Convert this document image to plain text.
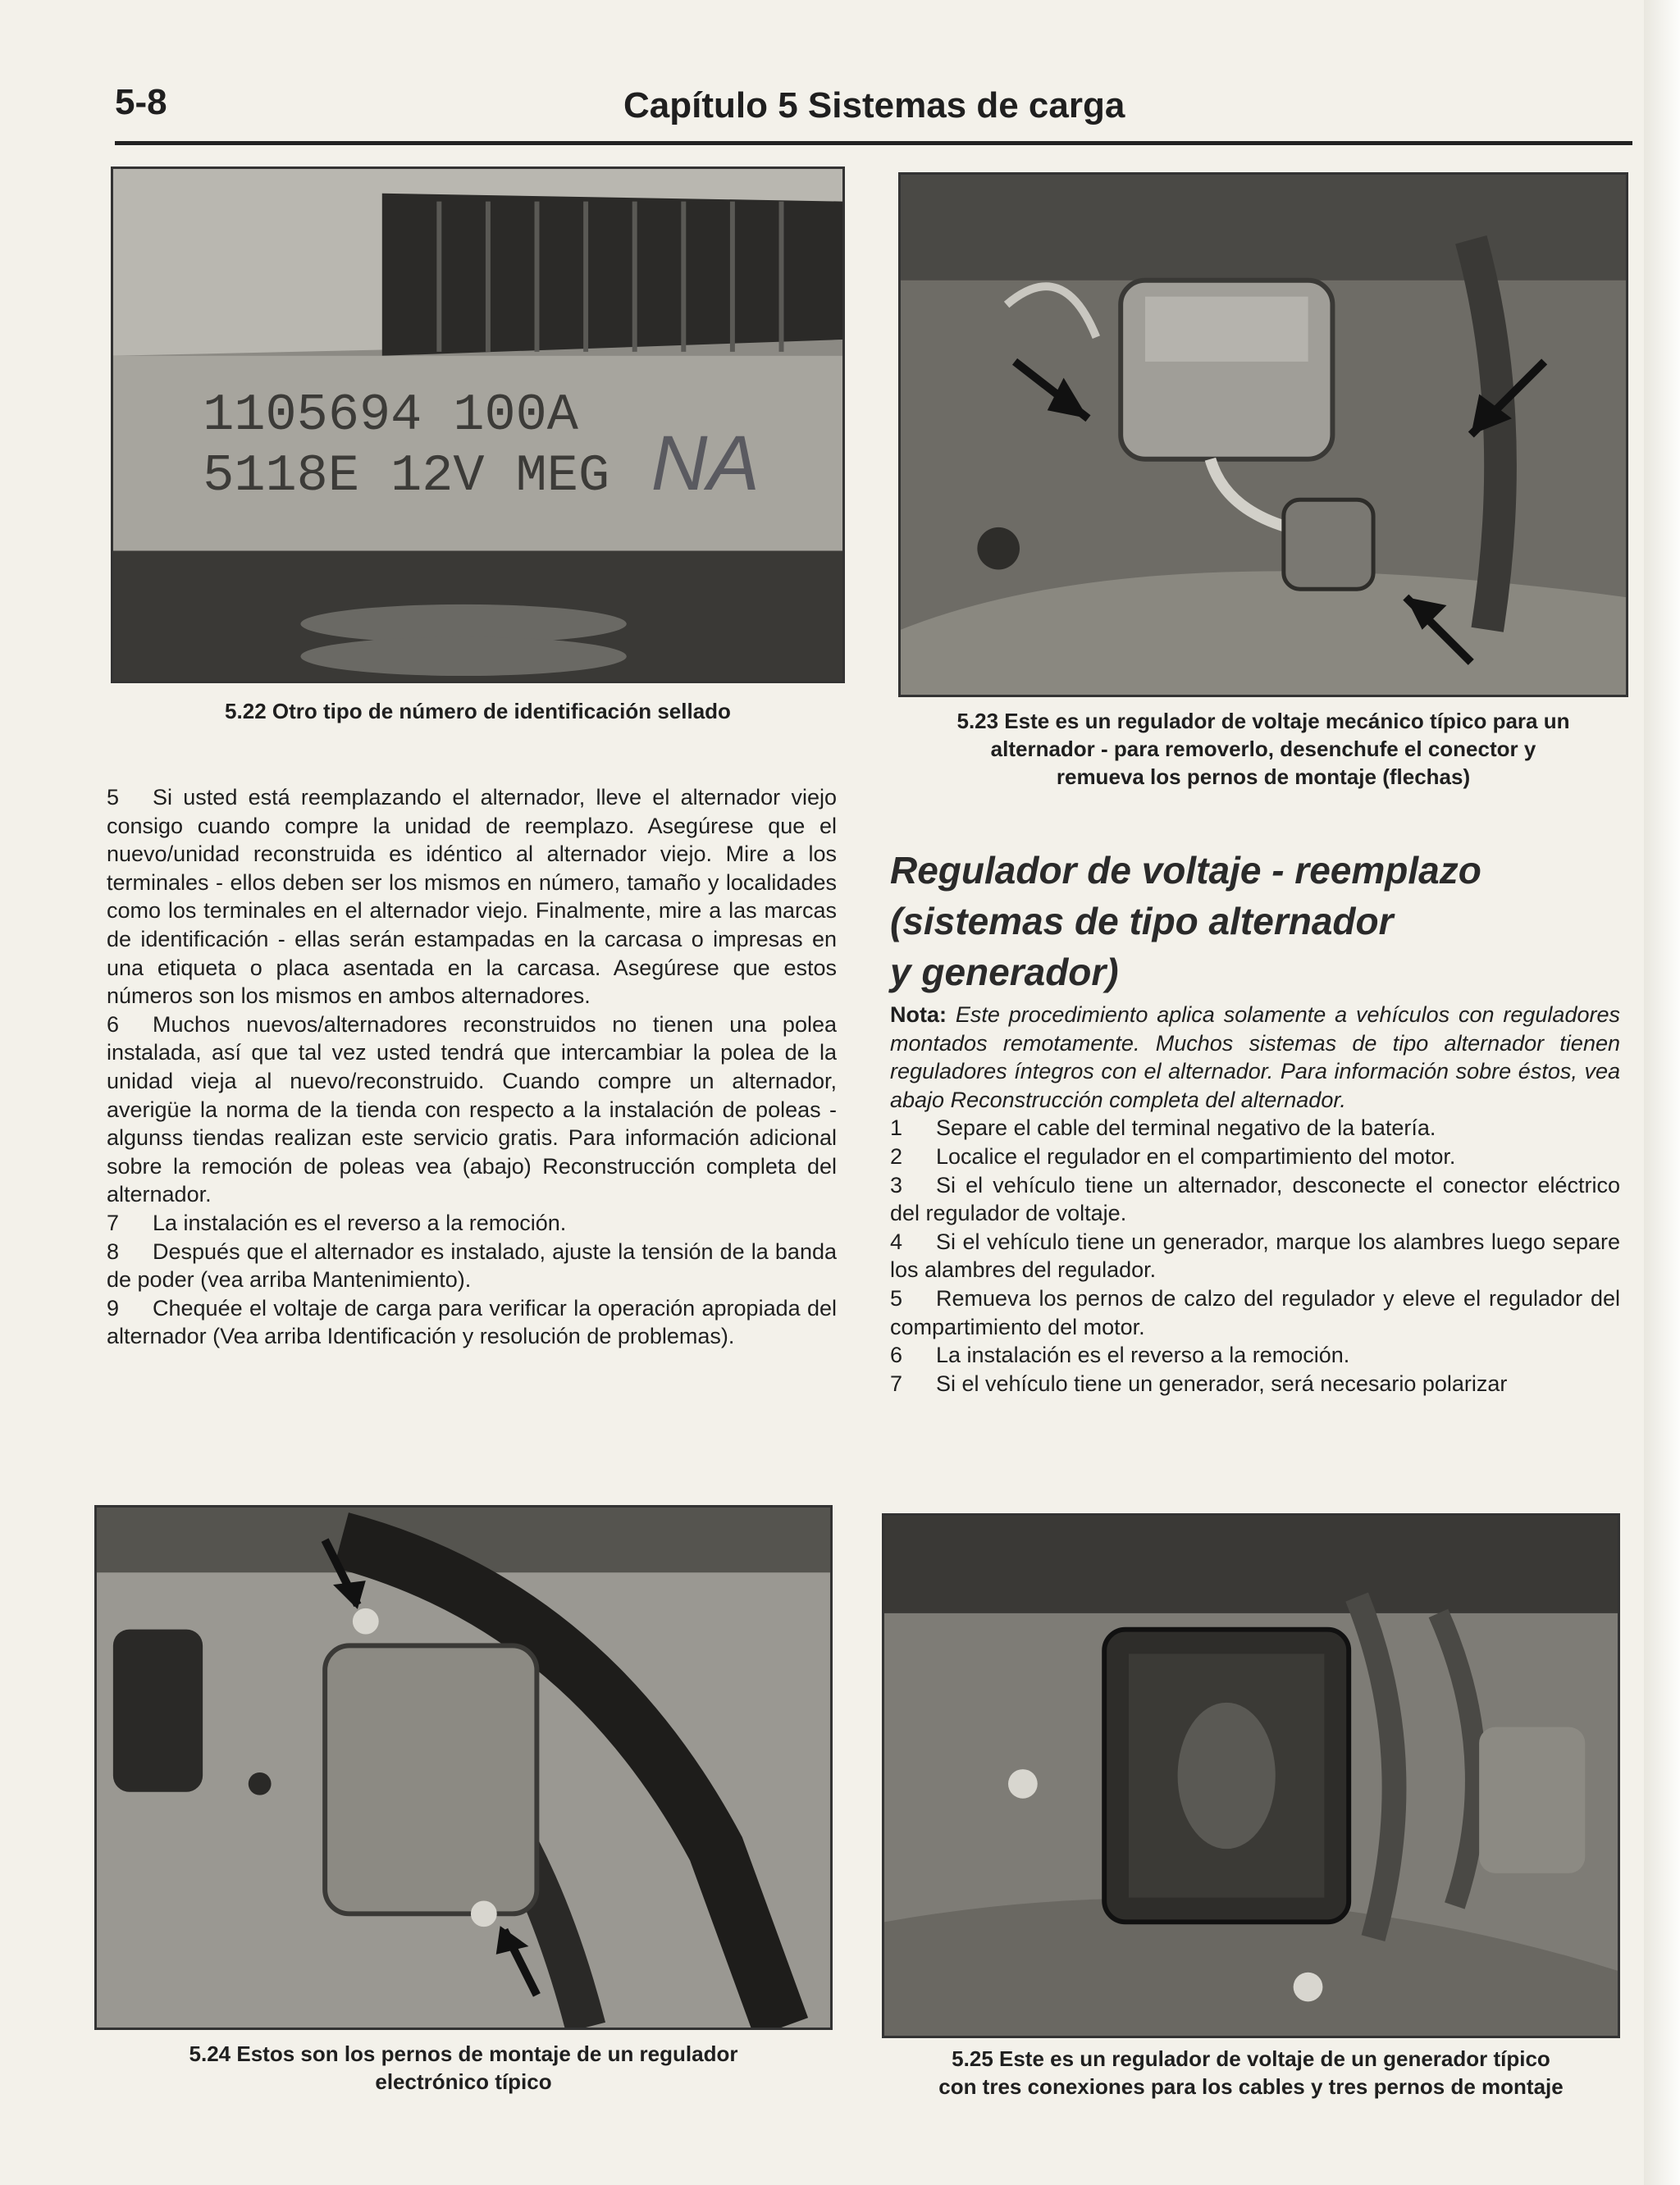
5-8	Capítulo 5 Sistemas de carga
1105694 100A
5118E 12V MEG NA
5.22 Otro tipo de número de identificación sellado	5.23 Este es un regulador de voltaje mecánico típico para un
alternador - para removerlo, desenchufe el conector y
remueva los pernos de montaje (flechas)

5 Si usted está reemplazando el alternador, lleve el alternador viejo consigo cuando compre la unidad de reemplazo. Asegúrese que el nuevo/unidad reconstruida es idéntico al alternador viejo. Mire a los terminales - ellos deben ser los mismos en número, tamaño y localidades como los terminales en el alternador viejo. Finalmente, mire a las marcas de identificación - ellas serán estampadas en la carcasa o impresas en una etiqueta o placa asentada en la carcasa. Asegúrese que estos números son los mismos en ambos alternadores.

6 Muchos nuevos/alternadores reconstruidos no tienen una polea instalada, así que tal vez usted tendrá que intercambiar la polea de la unidad vieja al nuevo/reconstruido. Cuando compre un alternador, averigüe la norma de la tienda con respecto a la instalación de poleas - algunss tiendas realizan este servicio gratis. Para información adicional sobre la remoción de poleas vea (abajo) Reconstrucción completa del alternador.

7 La instalación es el reverso a la remoción.

8 Después que el alternador es instalado, ajuste la tensión de la banda de poder (vea arriba Mantenimiento).

9 Chequée el voltaje de carga para verificar la operación apropiada del alternador (Vea arriba Identificación y resolución de problemas).

Regulador de voltaje - reemplazo
(sistemas de tipo alternador
y generador)

Nota: Este procedimiento aplica solamente a vehículos con reguladores montados remotamente. Muchos sistemas de tipo alternador tienen reguladores íntegros con el alternador. Para información sobre éstos, vea abajo Reconstrucción completa del alternador.

1 Separe el cable del terminal negativo de la batería.

2 Localice el regulador en el compartimiento del motor.

3 Si el vehículo tiene un alternador, desconecte el conector eléctrico del regulador de voltaje.

4 Si el vehículo tiene un generador, marque los alambres luego separe los alambres del regulador.

5 Remueva los pernos de calzo del regulador y eleve el regulador del compartimiento del motor.

6 La instalación es el reverso a la remoción.

7 Si el vehículo tiene un generador, será necesario polarizar

5.24 Estos son los pernos de montaje de un regulador
electrónico típico
5.25 Este es un regulador de voltaje de un generador típico
con tres conexiones para los cables y tres pernos de montaje
